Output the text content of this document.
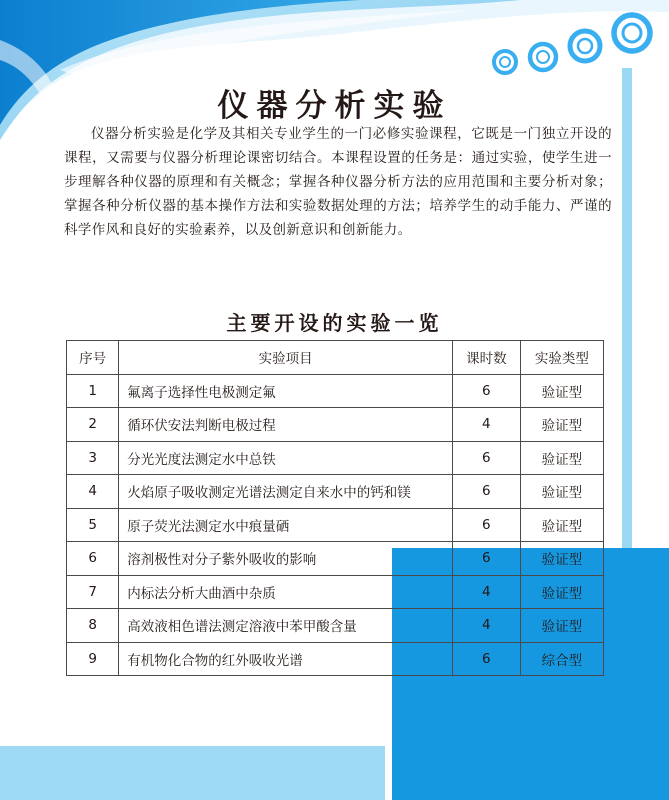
仪器分析实验
仪器分析实验是化学及其相关专业学生的一门必修实验课程，它既是一门独立开设的课程，又需要与仪器分析理论课密切结合。本课程设置的任务是：通过实验，使学生进一步理解各种仪器的原理和有关概念；掌握各种仪器分析方法的应用范围和主要分析对象；掌握各种分析仪器的基本操作方法和实验数据处理的方法；培养学生的动手能力、严谨的科学作风和良好的实验素养，以及创新意识和创新能力。
主要开设的实验一览
序号	实验项目	课时数	实验类型
1	氟离子选择性电极测定氟	6	验证型
2	循环伏安法判断电极过程	4	验证型
3	分光光度法测定水中总铁	6	验证型
4	火焰原子吸收测定光谱法测定自来水中的钙和镁	6	验证型
5	原子荧光法测定水中痕量硒	6	验证型
6	溶剂极性对分子紫外吸收的影响	6	验证型
7	内标法分析大曲酒中杂质	4	验证型
8	高效液相色谱法测定溶液中苯甲酸含量	4	验证型
9	有机物化合物的红外吸收光谱	6	综合型
